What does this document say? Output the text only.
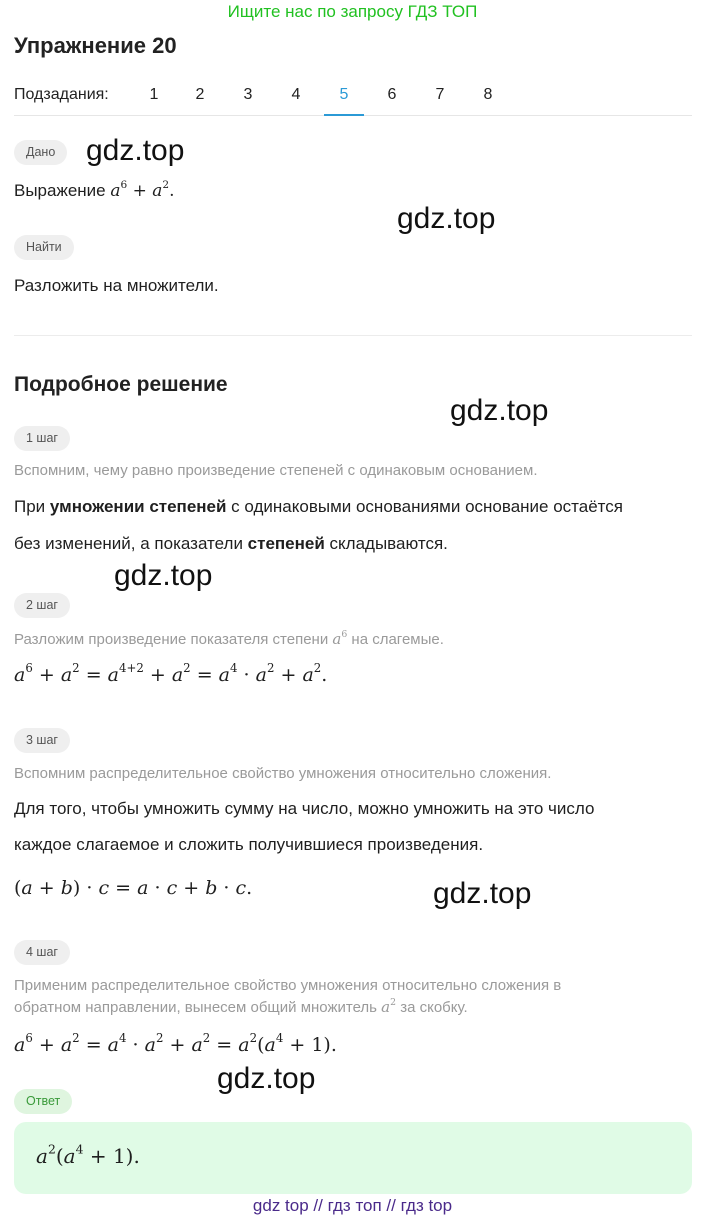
Ищите нас по запросу ГДЗ ТОП
Упражнение 20
Подзадания:	1	2	3	4	5	6	7	8
Дано
Выражение $a^6 + a^2$.
Найти
Разложить на множители.
Подробное решение
1 шаг
Вспомним, чему равно произведение степеней с одинаковым основанием.
При умножении степеней с одинаковыми основаниями основание остаётся
без изменений, а показатели степеней складываются.
2 шаг
Разложим произведение показателя степени $a^6$ на слагемые.
$a^6 + a^2 = a^{4+2} + a^2 = a^4 \cdot a^2 + a^2$.
3 шаг
Вспомним распределительное свойство умножения относительно сложения.
Для того, чтобы умножить сумму на число, можно умножить на это число
каждое слагаемое и сложить получившиеся произведения.
(a + b) · c = a · c + b · c.
4 шаг
Применим распределительное свойство умножения относительно сложения в
обратном направлении, вынесем общий множитель $a^2$ за скобку.
$a^6 + a^2 = a^4 \cdot a^2 + a^2 = a^2(a^4 + 1)$.
Ответ
$a^2(a^4 + 1)$.
gdz.top
gdz.top
gdz.top
gdz.top
gdz.top
gdz.top
gdz top // гдз топ // гдз top
